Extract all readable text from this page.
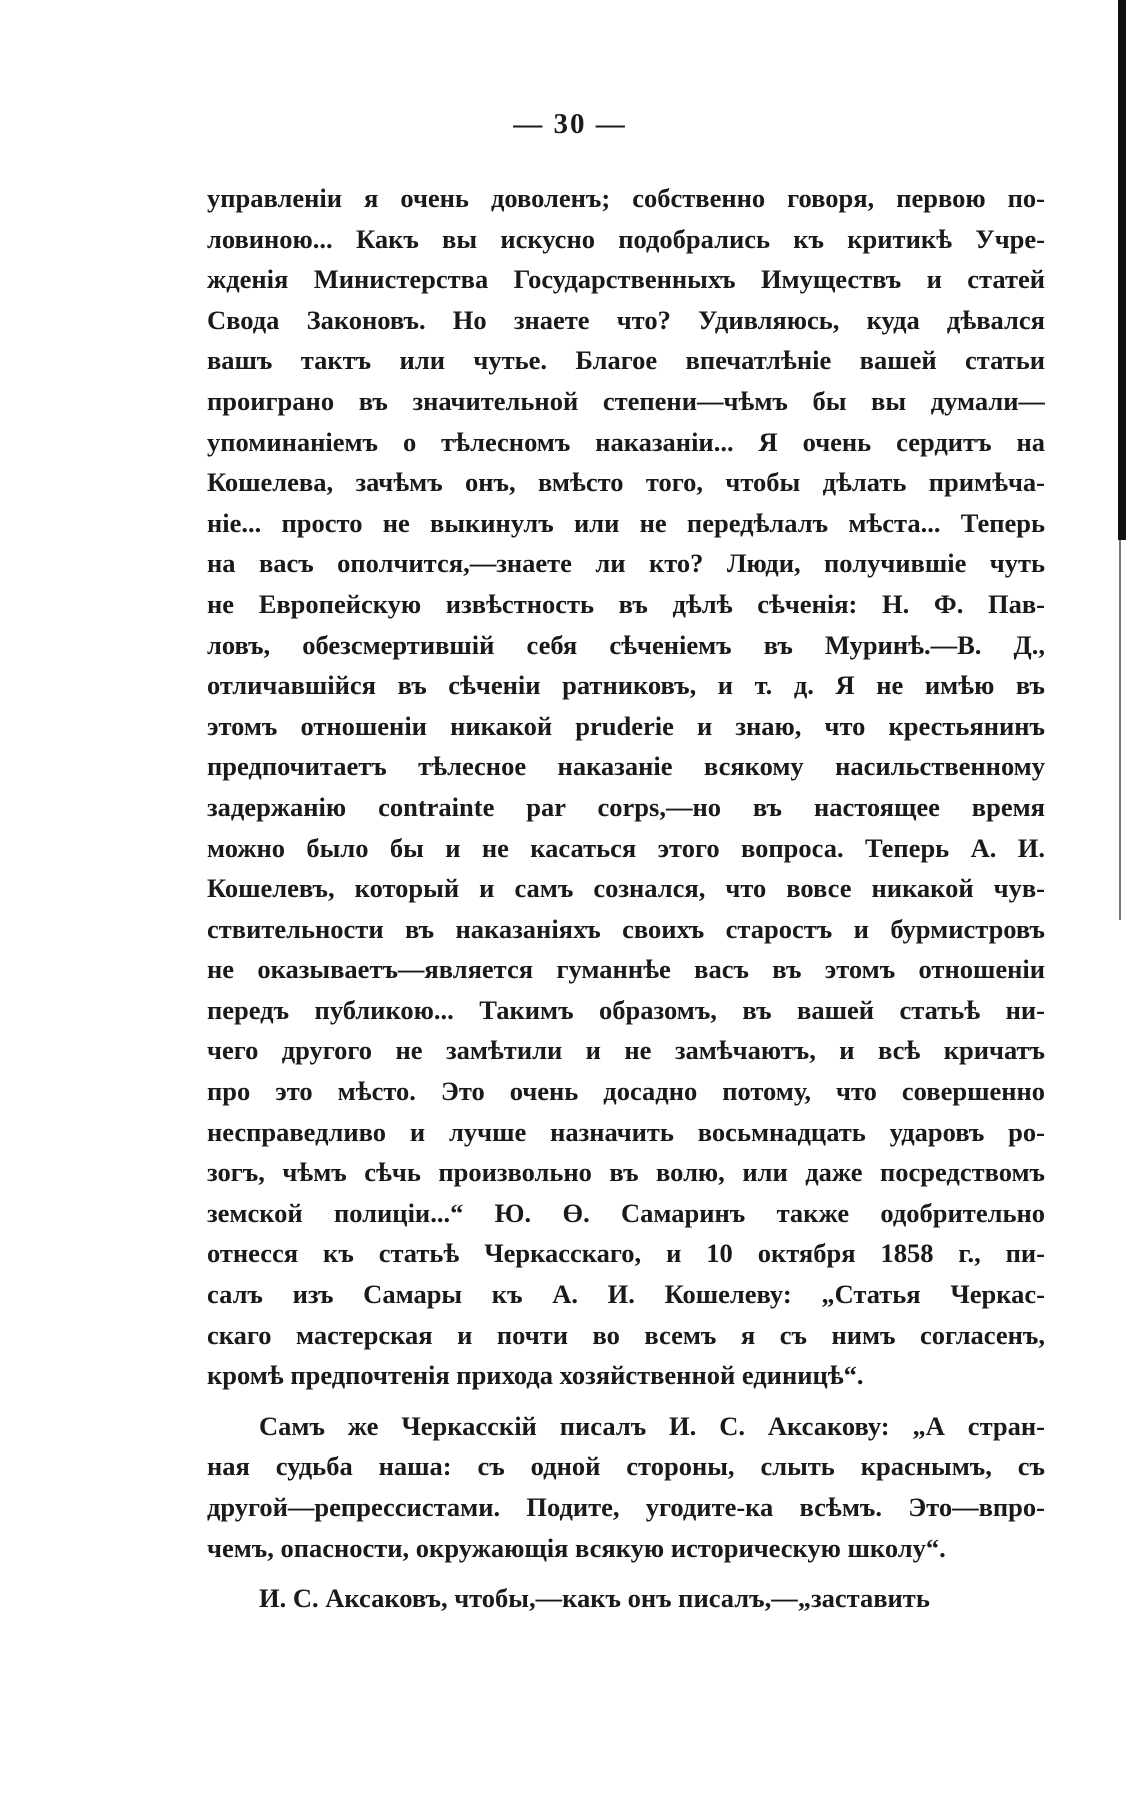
— 30 —
управленіи я очень доволенъ; собственно говоря, первою по-
ловиною... Какъ вы искусно подобрались къ критикѣ Учре-
жденія Министерства Государственныхъ Имуществъ и статей
Свода Законовъ. Но знаете что? Удивляюсь, куда дѣвался
вашъ тактъ или чутье. Благое впечатлѣніе вашей статьи
проиграно въ значительной степени—чѣмъ бы вы думали—
упоминаніемъ о тѣлесномъ наказаніи... Я очень сердитъ на
Кошелева, зачѣмъ онъ, вмѣсто того, чтобы дѣлать примѣча-
ніе... просто не выкинулъ или не передѣлалъ мѣста... Теперь
на васъ ополчится,—знаете ли кто? Люди, получившіе чуть
не Европейскую извѣстность въ дѣлѣ сѣченія: Н. Ф. Пав-
ловъ, обезсмертившій себя сѣченіемъ въ Муринѣ.—В. Д.,
отличавшійся въ сѣченіи ратниковъ, и т. д. Я не имѣю въ
этомъ отношеніи никакой pruderie и знаю, что крестьянинъ
предпочитаетъ тѣлесное наказаніе всякому насильственному
задержанію contrainte par corps,—но въ настоящее время
можно было бы и не касаться этого вопроса. Теперь А. И.
Кошелевъ, который и самъ сознался, что вовсе никакой чув-
ствительности въ наказаніяхъ своихъ старостъ и бурмистровъ
не оказываетъ—является гуманнѣе васъ въ этомъ отношеніи
передъ публикою... Такимъ образомъ, въ вашей статьѣ ни-
чего другого не замѣтили и не замѣчаютъ, и всѣ кричатъ
про это мѣсто. Это очень досадно потому, что совершенно
несправедливо и лучше назначить восьмнадцать ударовъ ро-
зогъ, чѣмъ сѣчь произвольно въ волю, или даже посредствомъ
земской полиціи...“ Ю. Ө. Самаринъ также одобрительно
отнесся къ статьѣ Черкасскаго, и 10 октября 1858 г., пи-
салъ изъ Самары къ А. И. Кошелеву: „Статья Черкас-
скаго мастерская и почти во всемъ я съ нимъ согласенъ,
кромѣ предпочтенія прихода хозяйственной единицѣ“.
Самъ же Черкасскій писалъ И. С. Аксакову: „А стран-
ная судьба наша: съ одной стороны, слыть краснымъ, съ
другой—репрессистами. Подите, угодите-ка всѣмъ. Это—впро-
чемъ, опасности, окружающія всякую историческую школу“.
И. С. Аксаковъ, чтобы,—какъ онъ писалъ,—„заставить
